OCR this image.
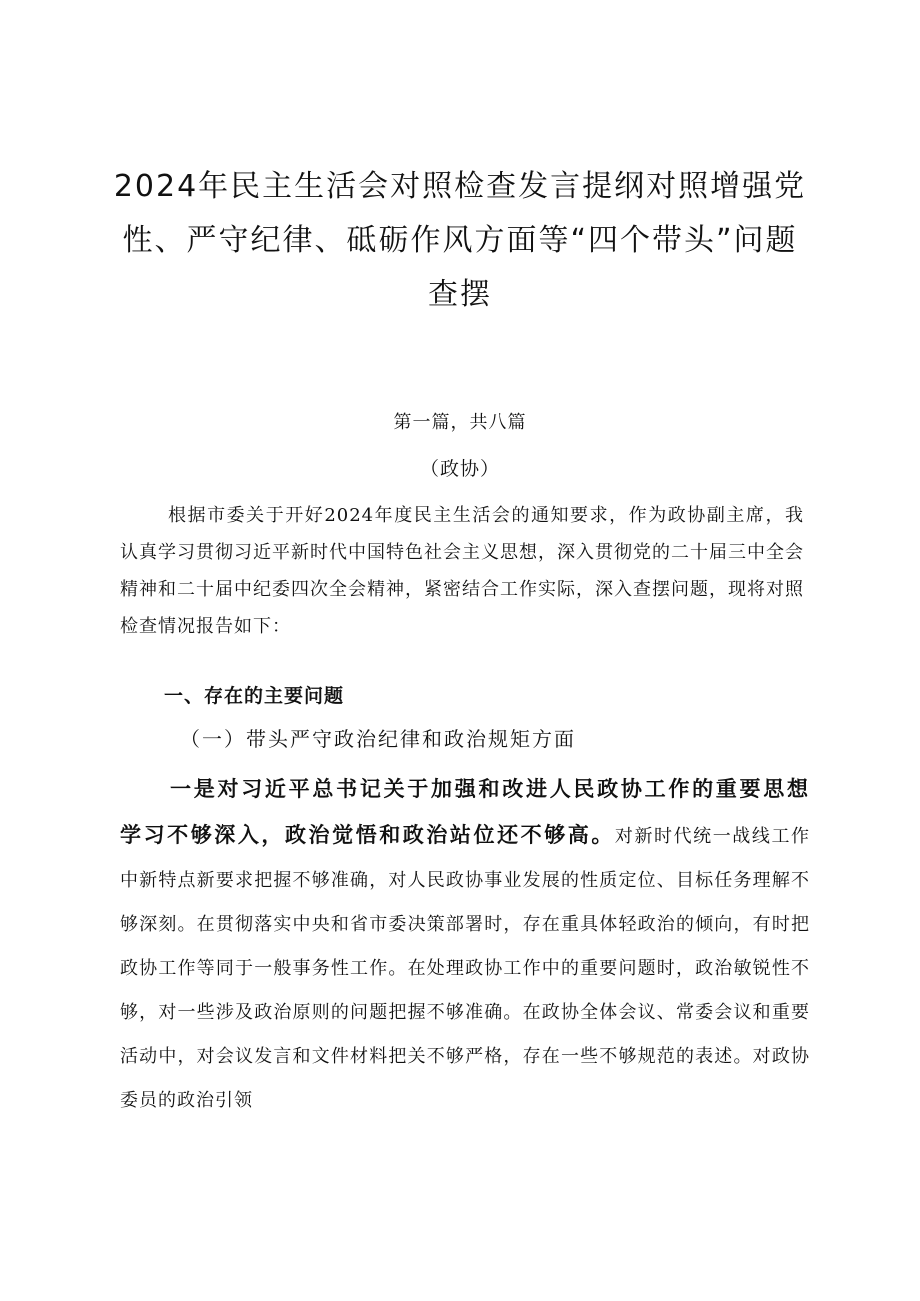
2024年民主生活会对照检查发言提纲对照增强党性、严守纪律、砥砺作风方面等“四个带头”问题查摆
第一篇，共八篇
（政协）

根据市委关于开好2024年度民主生活会的通知要求，作为政协副主席，我认真学习贯彻习近平新时代中国特色社会主义思想，深入贯彻党的二十届三中全会精神和二十届中纪委四次全会精神，紧密结合工作实际，深入查摆问题，现将对照检查情况报告如下：

一、存在的主要问题
（一）带头严守政治纪律和政治规矩方面

一是对习近平总书记关于加强和改进人民政协工作的重要思想学习不够深入，政治觉悟和政治站位还不够高。对新时代统一战线工作中新特点新要求把握不够准确，对人民政协事业发展的性质定位、目标任务理解不够深刻。在贯彻落实中央和省市委决策部署时，存在重具体轻政治的倾向，有时把政协工作等同于一般事务性工作。在处理政协工作中的重要问题时，政治敏锐性不够，对一些涉及政治原则的问题把握不够准确。在政协全体会议、常委会议和重要活动中，对会议发言和文件材料把关不够严格，存在一些不够规范的表述。对政协委员的政治引领
